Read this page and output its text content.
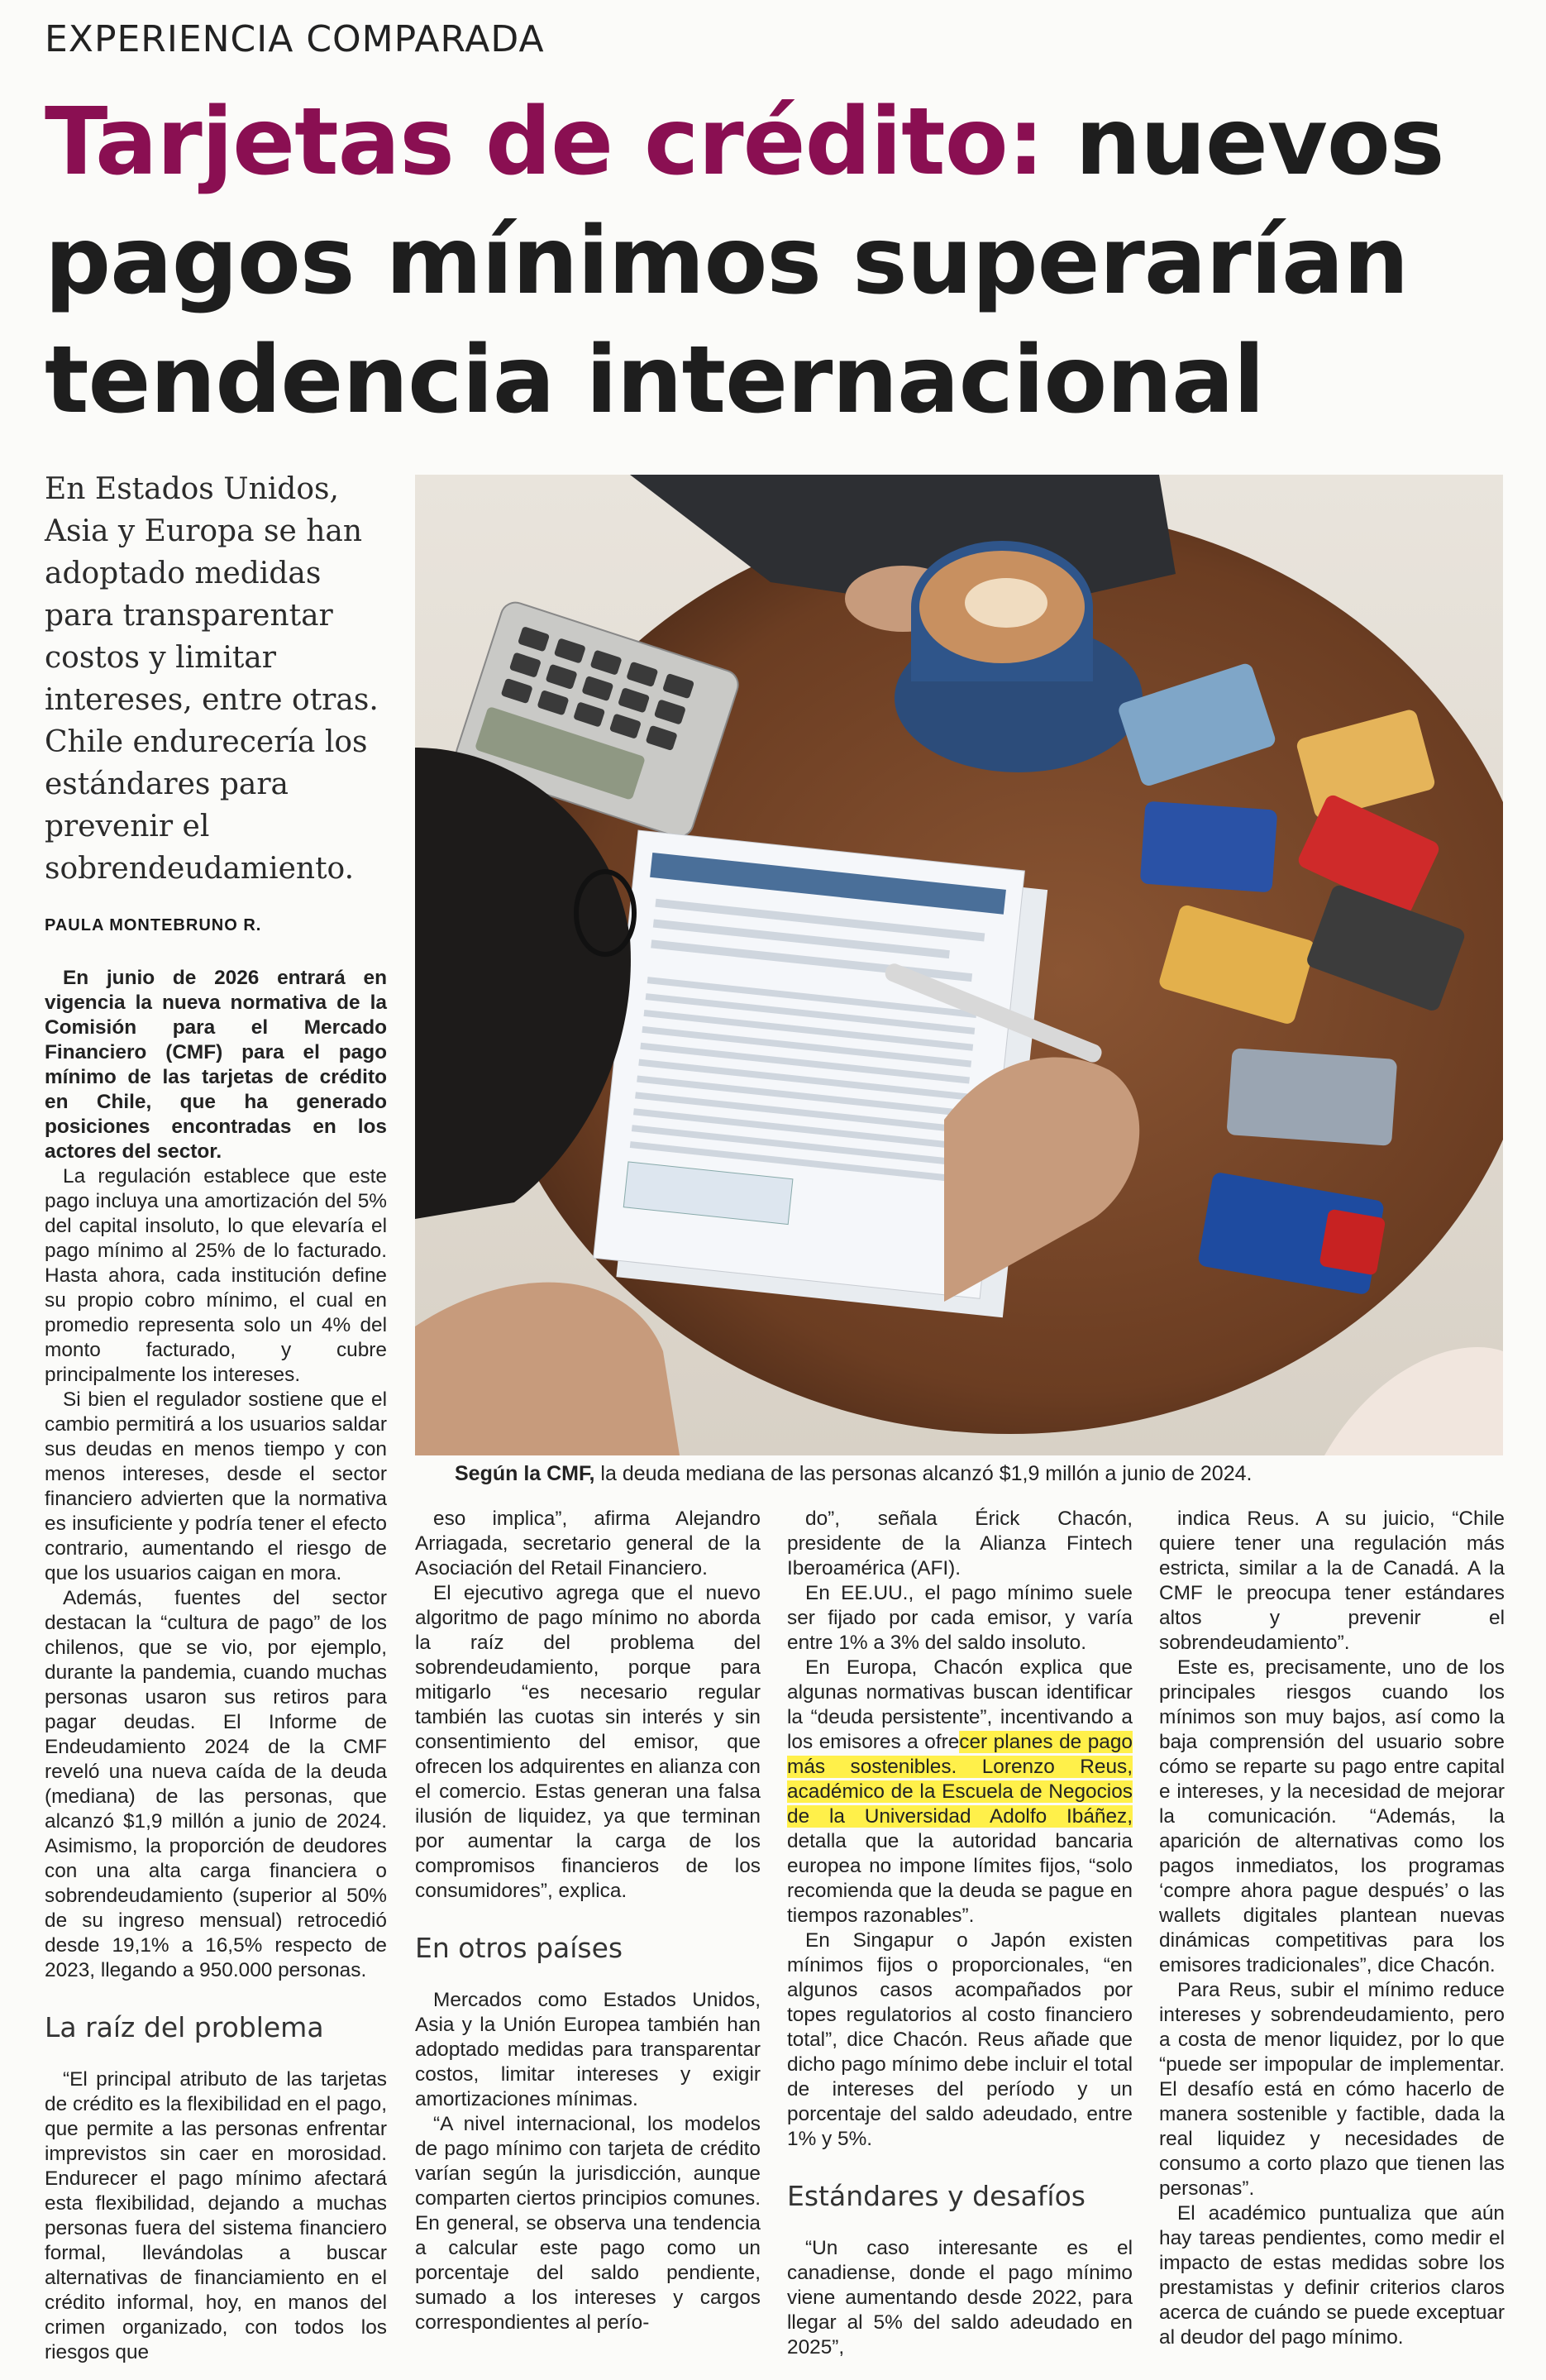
EXPERIENCIA COMPARADA
Tarjetas de crédito: nuevos pagos mínimos superarían tendencia internacional
En Estados Unidos, Asia y Europa se han adoptado medidas para transparentar costos y limitar intereses, entre otras. Chile endurecería los estándares para prevenir el sobrendeudamiento.
PAULA MONTEBRUNO R.
Según la CMF, la deuda mediana de las personas alcanzó $1,9 millón a junio de 2024.

En junio de 2026 entrará en vigencia la nueva normativa de la Comisión para el Mercado Financiero (CMF) para el pago mínimo de las tarjetas de crédito en Chile, que ha generado posiciones encontradas en los actores del sector.

La regulación establece que este pago incluya una amortización del 5% del capital insoluto, lo que elevaría el pago mínimo al 25% de lo facturado. Hasta ahora, cada institución define su propio cobro mínimo, el cual en promedio representa solo un 4% del monto facturado, y cubre principalmente los intereses.

Si bien el regulador sostiene que el cambio permitirá a los usuarios saldar sus deudas en menos tiempo y con menos intereses, desde el sector financiero advierten que la normativa es insuficiente y podría tener el efecto contrario, aumentando el riesgo de que los usuarios caigan en mora.

Además, fuentes del sector destacan la “cultura de pago” de los chilenos, que se vio, por ejemplo, durante la pandemia, cuando muchas personas usaron sus retiros para pagar deudas. El Informe de Endeudamiento 2024 de la CMF reveló una nueva caída de la deuda (mediana) de las personas, que alcanzó $1,9 millón a junio de 2024. Asimismo, la proporción de deudores con una alta carga financiera o sobrendeudamiento (superior al 50% de su ingreso mensual) retrocedió desde 19,1% a 16,5% respecto de 2023, llegando a 950.000 personas.

La raíz del problema

“El principal atributo de las tarjetas de crédito es la flexibilidad en el pago, que permite a las personas enfrentar imprevistos sin caer en morosidad. Endurecer el pago mínimo afectará esta flexibilidad, dejando a muchas personas fuera del sistema financiero formal, llevándolas a buscar alternativas de financiamiento en el crédito informal, hoy, en manos del crimen organizado, con todos los riesgos que

eso implica”, afirma Alejandro Arriagada, secretario general de la Asociación del Retail Financiero.

El ejecutivo agrega que el nuevo algoritmo de pago mínimo no aborda la raíz del problema del sobrendeudamiento, porque para mitigarlo “es necesario regular también las cuotas sin interés y sin consentimiento del emisor, que ofrecen los adquirentes en alianza con el comercio. Estas generan una falsa ilusión de liquidez, ya que terminan por aumentar la carga de los compromisos financieros de los consumidores”, explica.

En otros países

Mercados como Estados Unidos, Asia y la Unión Europea también han adoptado medidas para transparentar costos, limitar intereses y exigir amortizaciones mínimas.

“A nivel internacional, los modelos de pago mínimo con tarjeta de crédito varían según la jurisdicción, aunque comparten ciertos principios comunes. En general, se observa una tendencia a calcular este pago como un porcentaje del saldo pendiente, sumado a los intereses y cargos correspondientes al perío-

do”, señala Érick Chacón, presidente de la Alianza Fintech Iberoamérica (AFI).

En EE.UU., el pago mínimo suele ser fijado por cada emisor, y varía entre 1% a 3% del saldo insoluto.

En Europa, Chacón explica que algunas normativas buscan identificar la “deuda persistente”, incentivando a los emisores a ofrecer planes de pago más sostenibles. Lorenzo Reus, académico de la Escuela de Negocios de la Universidad Adolfo Ibáñez, detalla que la autoridad bancaria europea no impone límites fijos, “solo recomienda que la deuda se pague en tiempos razonables”.

En Singapur o Japón existen mínimos fijos o proporcionales, “en algunos casos acompañados por topes regulatorios al costo financiero total”, dice Chacón. Reus añade que dicho pago mínimo debe incluir el total de intereses del período y un porcentaje del saldo adeudado, entre 1% y 5%.

Estándares y desafíos

“Un caso interesante es el canadiense, donde el pago mínimo viene aumentando desde 2022, para llegar al 5% del saldo adeudado en 2025”,

indica Reus. A su juicio, “Chile quiere tener una regulación más estricta, similar a la de Canadá. A la CMF le preocupa tener estándares altos y prevenir el sobrendeudamiento”.

Este es, precisamente, uno de los principales riesgos cuando los mínimos son muy bajos, así como la baja comprensión del usuario sobre cómo se reparte su pago entre capital e intereses, y la necesidad de mejorar la comunicación. “Además, la aparición de alternativas como los pagos inmediatos, los programas ‘compre ahora pague después’ o las wallets digitales plantean nuevas dinámicas competitivas para los emisores tradicionales”, dice Chacón.

Para Reus, subir el mínimo reduce intereses y sobrendeudamiento, pero a costa de menor liquidez, por lo que “puede ser impopular de implementar. El desafío está en cómo hacerlo de manera sostenible y factible, dada la real liquidez y necesidades de consumo a corto plazo que tienen las personas”.

El académico puntualiza que aún hay tareas pendientes, como medir el impacto de estas medidas sobre los prestamistas y definir criterios claros acerca de cuándo se puede exceptuar al deudor del pago mínimo.
